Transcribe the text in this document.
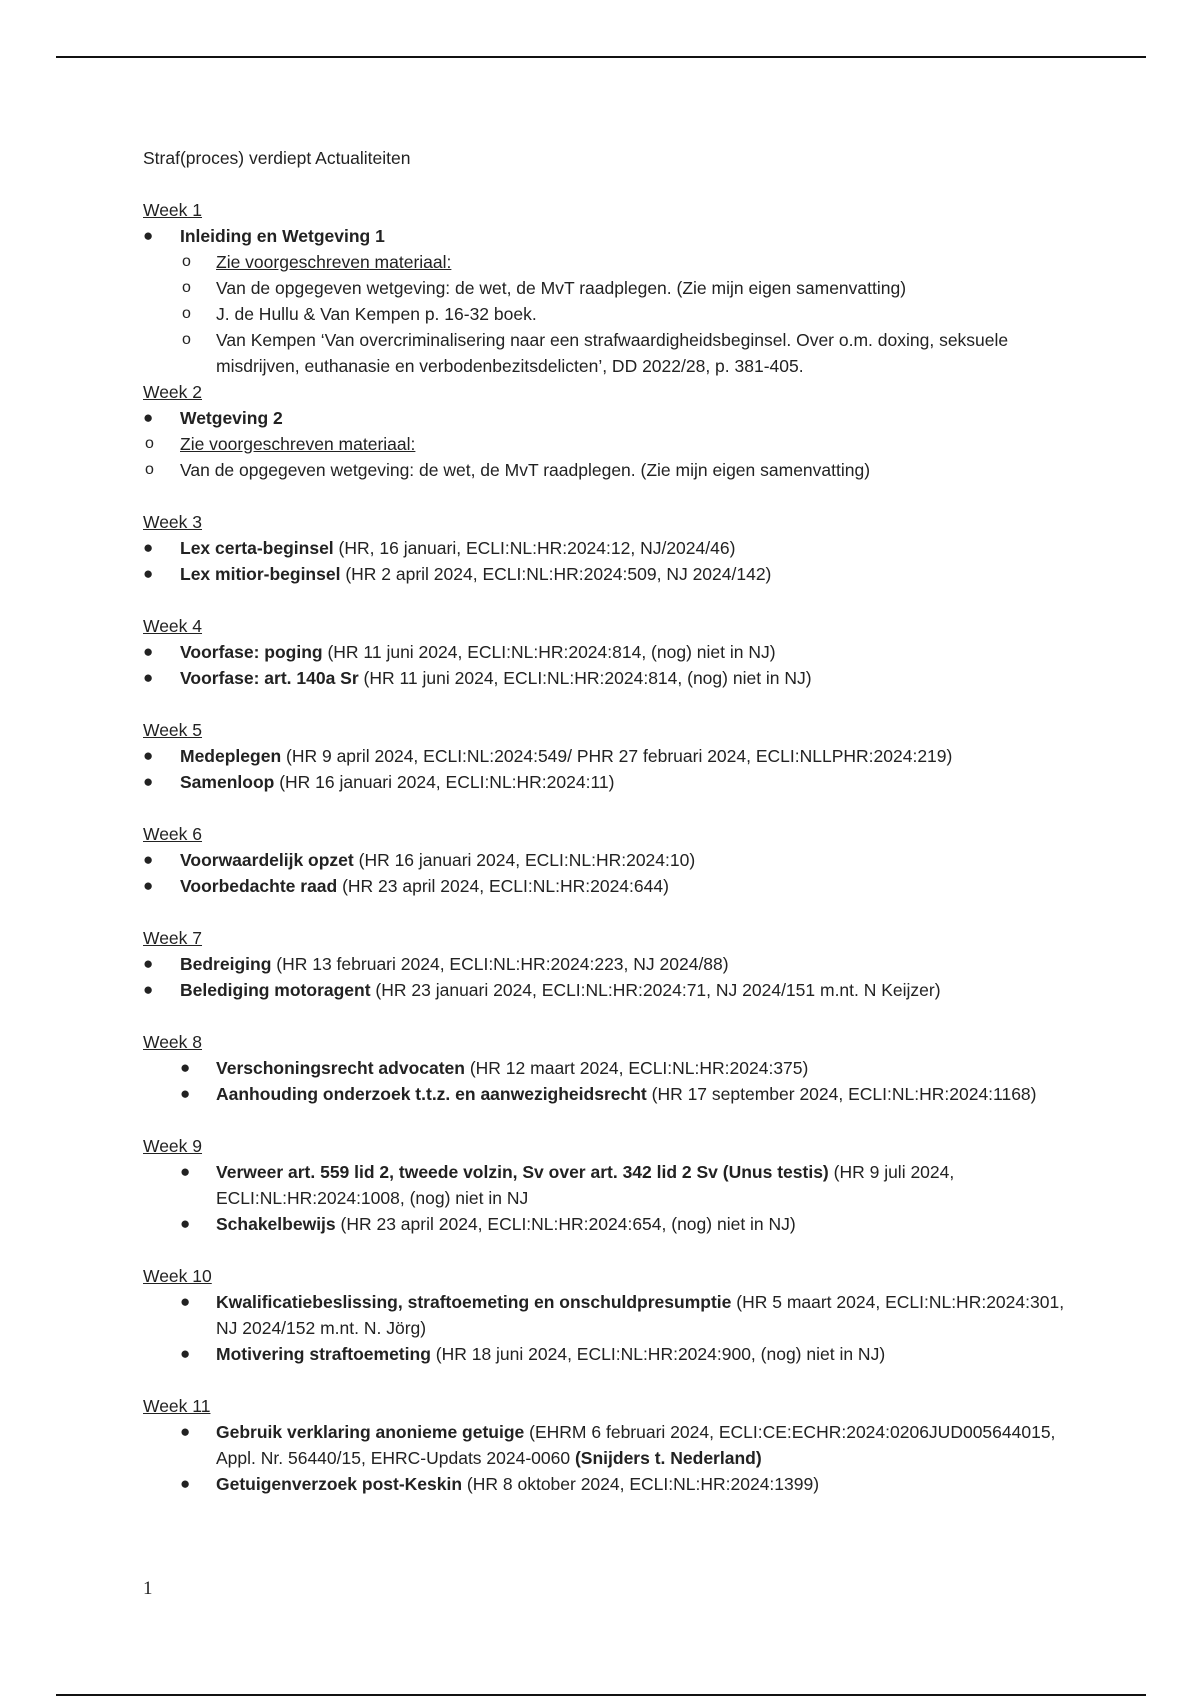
Straf(proces) verdiept Actualiteiten

Week 1

● Inleiding en Wetgeving 1
o Zie voorgeschreven materiaal:
o Van de opgegeven wetgeving: de wet, de MvT raadplegen. (Zie mijn eigen samenvatting)
o J. de Hullu & Van Kempen p. 16-32 boek.
o Van Kempen ‘Van overcriminalisering naar een strafwaardigheidsbeginsel. Over o.m. doxing, seksuele misdrijven, euthanasie en verbodenbezitsdelicten’, DD 2022/28, p. 381-405.

Week 2

● Wetgeving 2
o Zie voorgeschreven materiaal:
o Van de opgegeven wetgeving: de wet, de MvT raadplegen. (Zie mijn eigen samenvatting)

Week 3

● Lex certa-beginsel (HR, 16 januari, ECLI:NL:HR:2024:12, NJ/2024/46)
● Lex mitior-beginsel (HR 2 april 2024, ECLI:NL:HR:2024:509, NJ 2024/142)

Week 4

● Voorfase: poging (HR 11 juni 2024, ECLI:NL:HR:2024:814, (nog) niet in NJ)
● Voorfase: art. 140a Sr (HR 11 juni 2024, ECLI:NL:HR:2024:814, (nog) niet in NJ)

Week 5

● Medeplegen (HR 9 april 2024, ECLI:NL:2024:549/ PHR 27 februari 2024, ECLI:NLLPHR:2024:219)
● Samenloop (HR 16 januari 2024, ECLI:NL:HR:2024:11)

Week 6

● Voorwaardelijk opzet (HR 16 januari 2024, ECLI:NL:HR:2024:10)
● Voorbedachte raad (HR 23 april 2024, ECLI:NL:HR:2024:644)

Week 7

● Bedreiging (HR 13 februari 2024, ECLI:NL:HR:2024:223, NJ 2024/88)
● Belediging motoragent (HR 23 januari 2024, ECLI:NL:HR:2024:71, NJ 2024/151 m.nt. N Keijzer)

Week 8

● Verschoningsrecht advocaten (HR 12 maart 2024, ECLI:NL:HR:2024:375)
● Aanhouding onderzoek t.t.z. en aanwezigheidsrecht (HR 17 september 2024, ECLI:NL:HR:2024:1168)

Week 9

● Verweer art. 559 lid 2, tweede volzin, Sv over art. 342 lid 2 Sv (Unus testis) (HR 9 juli 2024, ECLI:NL:HR:2024:1008, (nog) niet in NJ
● Schakelbewijs (HR 23 april 2024, ECLI:NL:HR:2024:654, (nog) niet in NJ)

Week 10

● Kwalificatiebeslissing, straftoemeting en onschuldpresumptie (HR 5 maart 2024, ECLI:NL:HR:2024:301, NJ 2024/152 m.nt. N. Jörg)
● Motivering straftoemeting (HR 18 juni 2024, ECLI:NL:HR:2024:900, (nog) niet in NJ)

Week 11

● Gebruik verklaring anonieme getuige (EHRM 6 februari 2024, ECLI:CE:ECHR:2024:0206JUD005644015, Appl. Nr. 56440/15, EHRC-Updats 2024-0060 (Snijders t. Nederland)
● Getuigenverzoek post-Keskin (HR 8 oktober 2024, ECLI:NL:HR:2024:1399)
1
